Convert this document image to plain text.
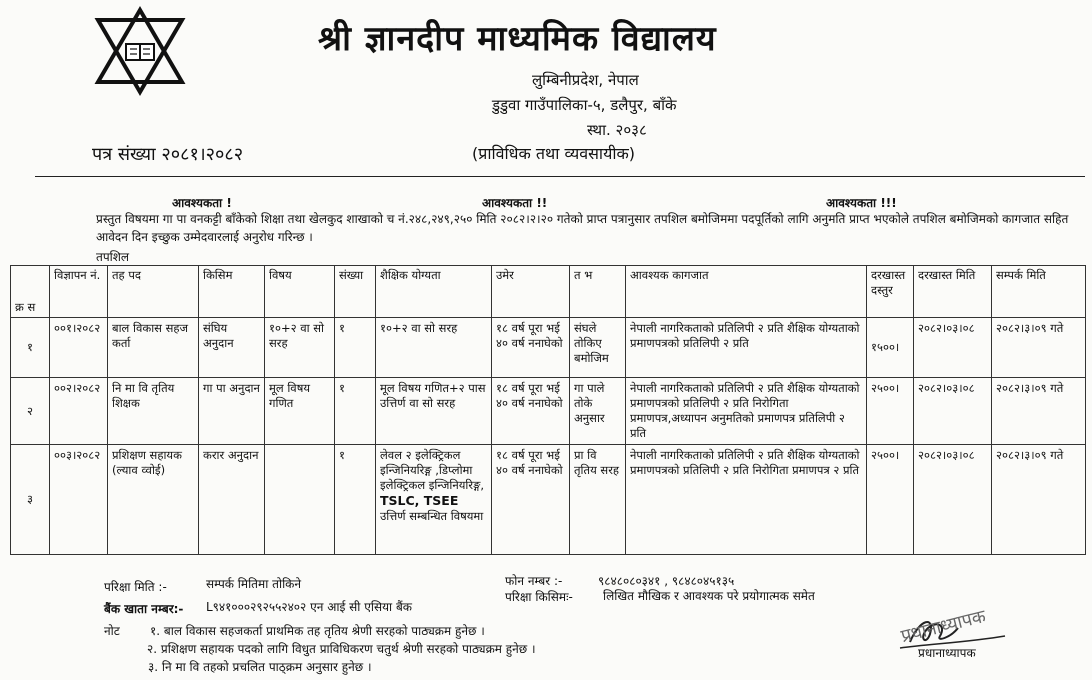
श्री ज्ञानदीप माध्यमिक विद्यालय
लुम्बिनीप्रदेश, नेपाल
डुडुवा गाउँपालिका-५, डलैपुर, बाँके
स्था. २०३८
पत्र संख्या २०८१।२०८२	(प्राविधिक तथा व्यवसायीक)
आवश्यकता !	आवश्यकता !!	आवश्यकता !!!
प्रस्तुत विषयमा गा पा वनकट्टी बाँकेको शिक्षा तथा खेलकुद शाखाको च नं.२४८,२४९,२५० मिति २०८२।२।२० गतेको प्राप्त पत्रानुसार तपशिल बमोजिममा पदपूर्तिको लागि अनुमति प्राप्त भएकोले तपशिल बमोजिमको कागजात सहित आवेदन दिन इच्छुक उम्मेदवारलाई अनुरोध गरिन्छ ।
तपशिल
क्र स	विज्ञापन नं.	तह पद	किसिम	विषय	संख्या	शैक्षिक योग्यता	उमेर	त भ	आवश्यक कागजात	दरखास्त दस्तुर	दरखास्त मिति	सम्पर्क मिति
१	००१।२०८२	बाल विकास सहज कर्ता	संघिय अनुदान	१०+२ वा सो सरह	१	१०+२ वा सो सरह	१८ वर्ष पूरा भई ४० वर्ष ननाघेको	संघले तोकिए बमोजिम	नेपाली नागरिकताको प्रतिलिपी २ प्रति शैक्षिक योग्यताको प्रमाणपत्रको प्रतिलिपी २ प्रति	१५००।	२०८२।०३।०८	२०८२।३।०९ गते
२	००२।२०८२	नि मा वि तृतिय शिक्षक	गा पा अनुदान	मूल विषय गणित	१	मूल विषय गणित+२ पास उत्तिर्ण वा सो सरह	१८ वर्ष पूरा भई ४० वर्ष ननाघेको	गा पाले तोके अनुसार	नेपाली नागरिकताको प्रतिलिपी २ प्रति शैक्षिक योग्यताको प्रमाणपत्रको प्रतिलिपी २ प्रति निरोगिता प्रमाणपत्र,अध्यापन अनुमतिको प्रमाणपत्र प्रतिलिपी २ प्रति	२५००।	२०८२।०३।०८	२०८२।३।०९ गते
३	००३।२०८२	प्रशिक्षण सहायक (ल्याव व्वोई)	करार अनुदान		१	लेवल २ इलेक्ट्रिकल इन्जिनियरिङ्ग ,डिप्लोमा इलेक्ट्रिकल इन्जिनियरिङ्ग, TSLC, TSEE उत्तिर्ण सम्बन्धित विषयमा	१८ वर्ष पूरा भई ४० वर्ष ननाघेको	प्रा वि तृतिय सरह	नेपाली नागरिकताको प्रतिलिपी २ प्रति शैक्षिक योग्यताको प्रमाणपत्रको प्रतिलिपी २ प्रति निरोगिता प्रमाणपत्र २ प्रति	२५००।	२०८२।०३।०८	२०८२।३।०९ गते
परिक्षा मिति :-	सम्पर्क मितिमा तोकिने	फोन नम्बर :-	९८४८०८०३४१ , ९८४८०४५१३५
बैंक खाता नम्बर:- L९४१०००२९२५५२४०२ एन आई सी एसिया बैंक
परिक्षा किसिमः-	लिखित मौखिक र आवश्यक परे प्रयोगात्मक समेत
नोट	१. बाल विकास सहजकर्ता प्राथमिक तह तृतिय श्रेणी सरहको पाठ्यक्रम हुनेछ ।
२. प्रशिक्षण सहायक पदको लागि विधुत प्राविधिकरण चतुर्थ श्रेणी सरहको पाठ्यक्रम हुनेछ ।
३. नि मा वि तहको प्रचलित पाठ्क्रम अनुसार हुनेछ ।
प्रधानाध्यापक
प्रधानाध्यापक
